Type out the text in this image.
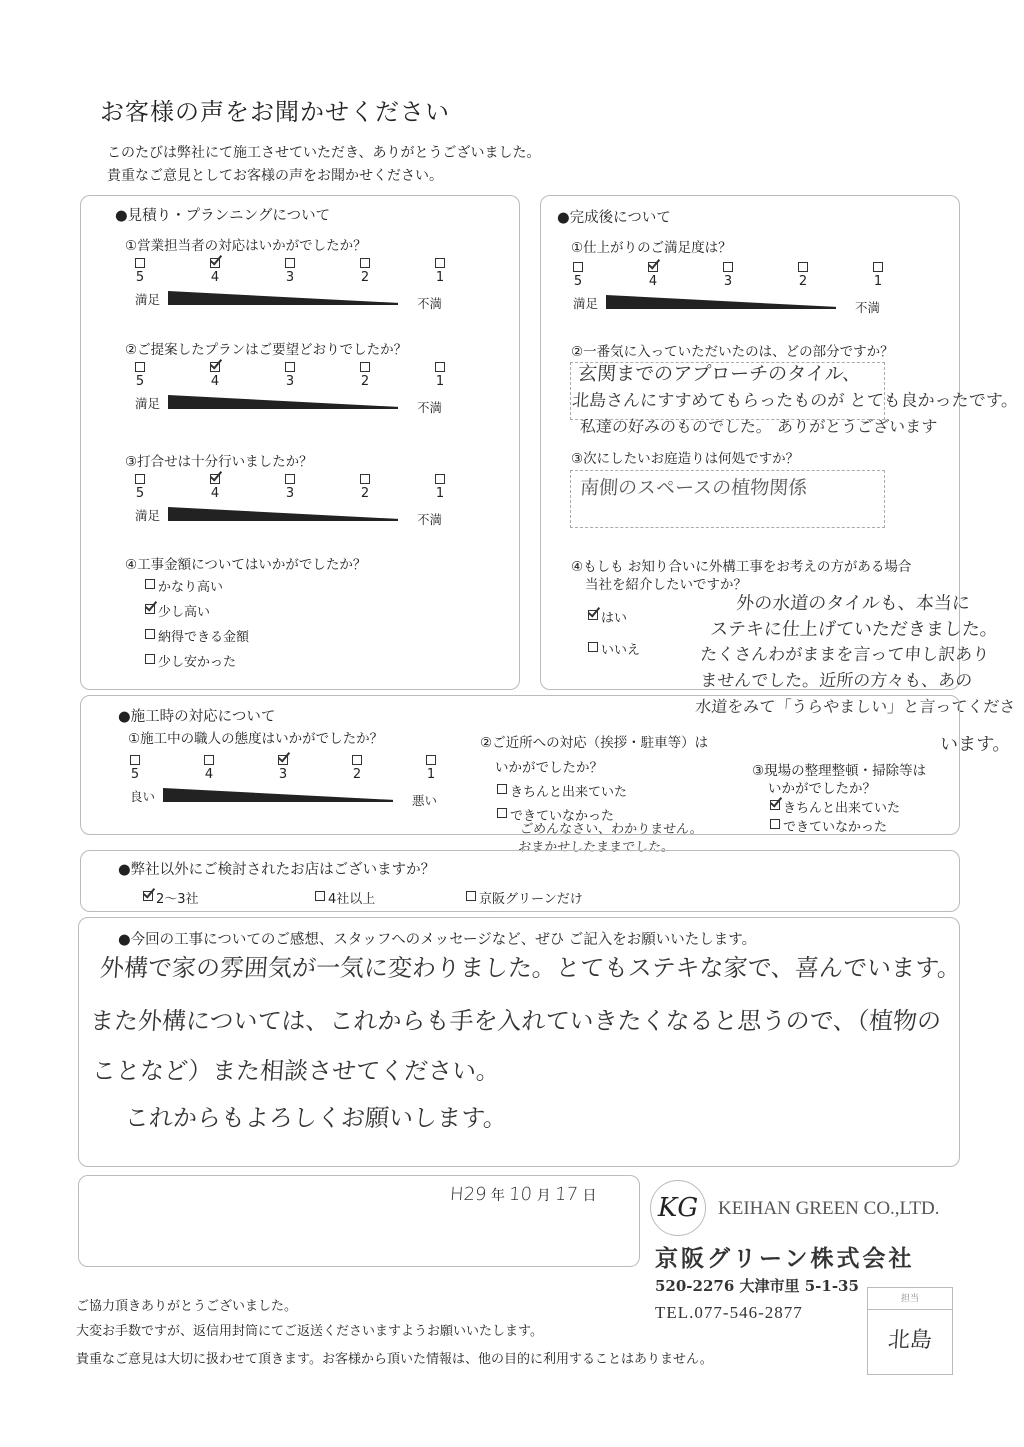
お客様の声をお聞かせください
このたびは弊社にて施工させていただき、ありがとうございました。
貴重なご意見としてお客様の声をお聞かせください。
●見積り・プランニングについて
①営業担当者の対応はいかがでしたか？
②ご提案したプランはご要望どおりでしたか？
③打合せは十分行いましたか？
④工事金額についてはいかがでしたか？
●完成後について
①仕上がりのご満足度は？
②一番気に入っていただいたのは、どの部分ですか？
玄関までのアプローチのタイル、
北島さんにすすめてもらったものが とても良かったです。
私達の好みのものでした。 ありがとうございます
③次にしたいお庭造りは何処ですか？
南側のスペースの植物関係
④もしも お知り合いに外構工事をお考えの方がある場合
当社を紹介したいですか？
外の水道のタイルも、本当に
ステキに仕上げていただきました。
たくさんわがままを言って申し訳あり
ませんでした。近所の方々も、あの
水道をみて「うらやましい」と言ってくださ
います。
●施工時の対応について
①施工中の職人の態度はいかがでしたか？	②ご近所への対応（挨拶・駐車等）は
いかがでしたか？
ごめんなさい、わかりません。
おまかせしたままでした。
③現場の整理整頓・掃除等は
いかがでしたか？
●弊社以外にご検討されたお店はございますか？
●今回の工事についてのご感想、スタッフへのメッセージなど、ぜひ ご記入をお願いいたします。
外構で家の雰囲気が一気に変わりました。とてもステキな家で、喜んでいます。
また外構については、これからも手を入れていきたくなると思うので、（植物の
ことなど）また相談させてください。
これからもよろしくお願いします。
H29 年 10 月 17 日	KG	KEIHAN GREEN CO.,LTD.
京阪グリーン株式会社
520-2276 大津市里 5-1-35
TEL.077-546-2877
担当
北島
ご協力頂きありがとうございました。
大変お手数ですが、返信用封筒にてご返送くださいますようお願いいたします。
貴重なご意見は大切に扱わせて頂きます。お客様から頂いた情報は、他の目的に利用することはありません。
5	4	3	2	1
満足	不満
5	4	3	2	1
満足	不満
5	4	3	2	1
満足	不満
5	4	3	2	1
満足	不満
5	4	3	2	1
良い	悪い
かなり高い
少し高い
納得できる金額
少し安かった
はい
いいえ
きちんと出来ていた
できていなかった
きちんと出来ていた
できていなかった
2～3社	4社以上	京阪グリーンだけ
